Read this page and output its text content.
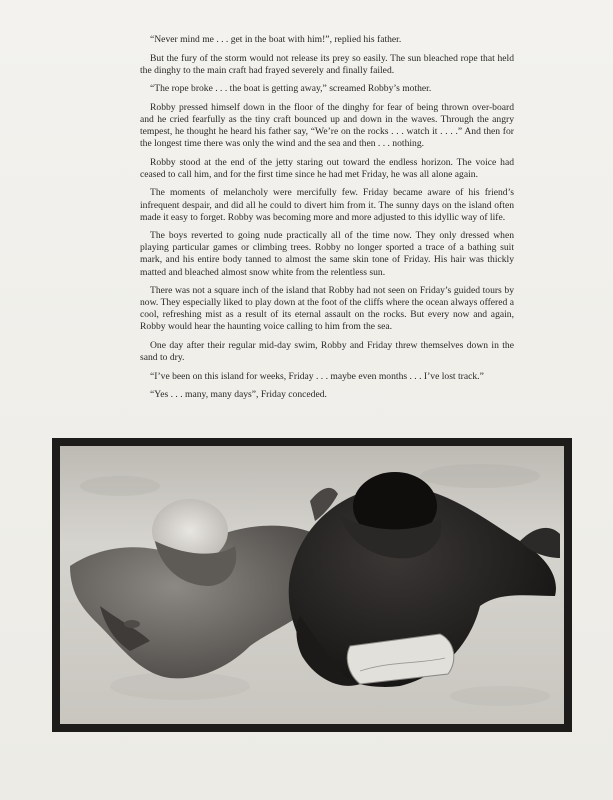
“Never mind me . . . get in the boat with him!”, replied his father.

But the fury of the storm would not release its prey so easily. The sun bleached rope that held the dinghy to the main craft had frayed severely and finally failed.

“The rope broke . . . the boat is getting away,” screamed Robby’s mother.

Robby pressed himself down in the floor of the dinghy for fear of being thrown over-board and he cried fearfully as the tiny craft bounced up and down in the waves. Through the angry tempest, he thought he heard his father say, “We’re on the rocks . . . watch it . . . .” And then for the longest time there was only the wind and the sea and then . . . nothing.

Robby stood at the end of the jetty staring out toward the endless horizon. The voice had ceased to call him, and for the first time since he had met Friday, he was all alone again.

The moments of melancholy were mercifully few. Friday became aware of his friend’s infrequent despair, and did all he could to divert him from it. The sunny days on the island often made it easy to forget. Robby was becoming more and more adjusted to this idyllic way of life.

The boys reverted to going nude practically all of the time now. They only dressed when playing particular games or climbing trees. Robby no longer sported a trace of a bathing suit mark, and his entire body tanned to almost the same skin tone of Friday. His hair was thickly matted and bleached almost snow white from the relentless sun.

There was not a square inch of the island that Robby had not seen on Friday’s guided tours by now. They especially liked to play down at the foot of the cliffs where the ocean always offered a cool, refreshing mist as a result of its eternal assault on the rocks. But every now and again, Robby would hear the haunting voice calling to him from the sea.

One day after their regular mid-day swim, Robby and Friday threw themselves down in the sand to dry.

“I’ve been on this island for weeks, Friday . . . maybe even months . . . I’ve lost track.”

“Yes . . . many, many days”, Friday conceded.
